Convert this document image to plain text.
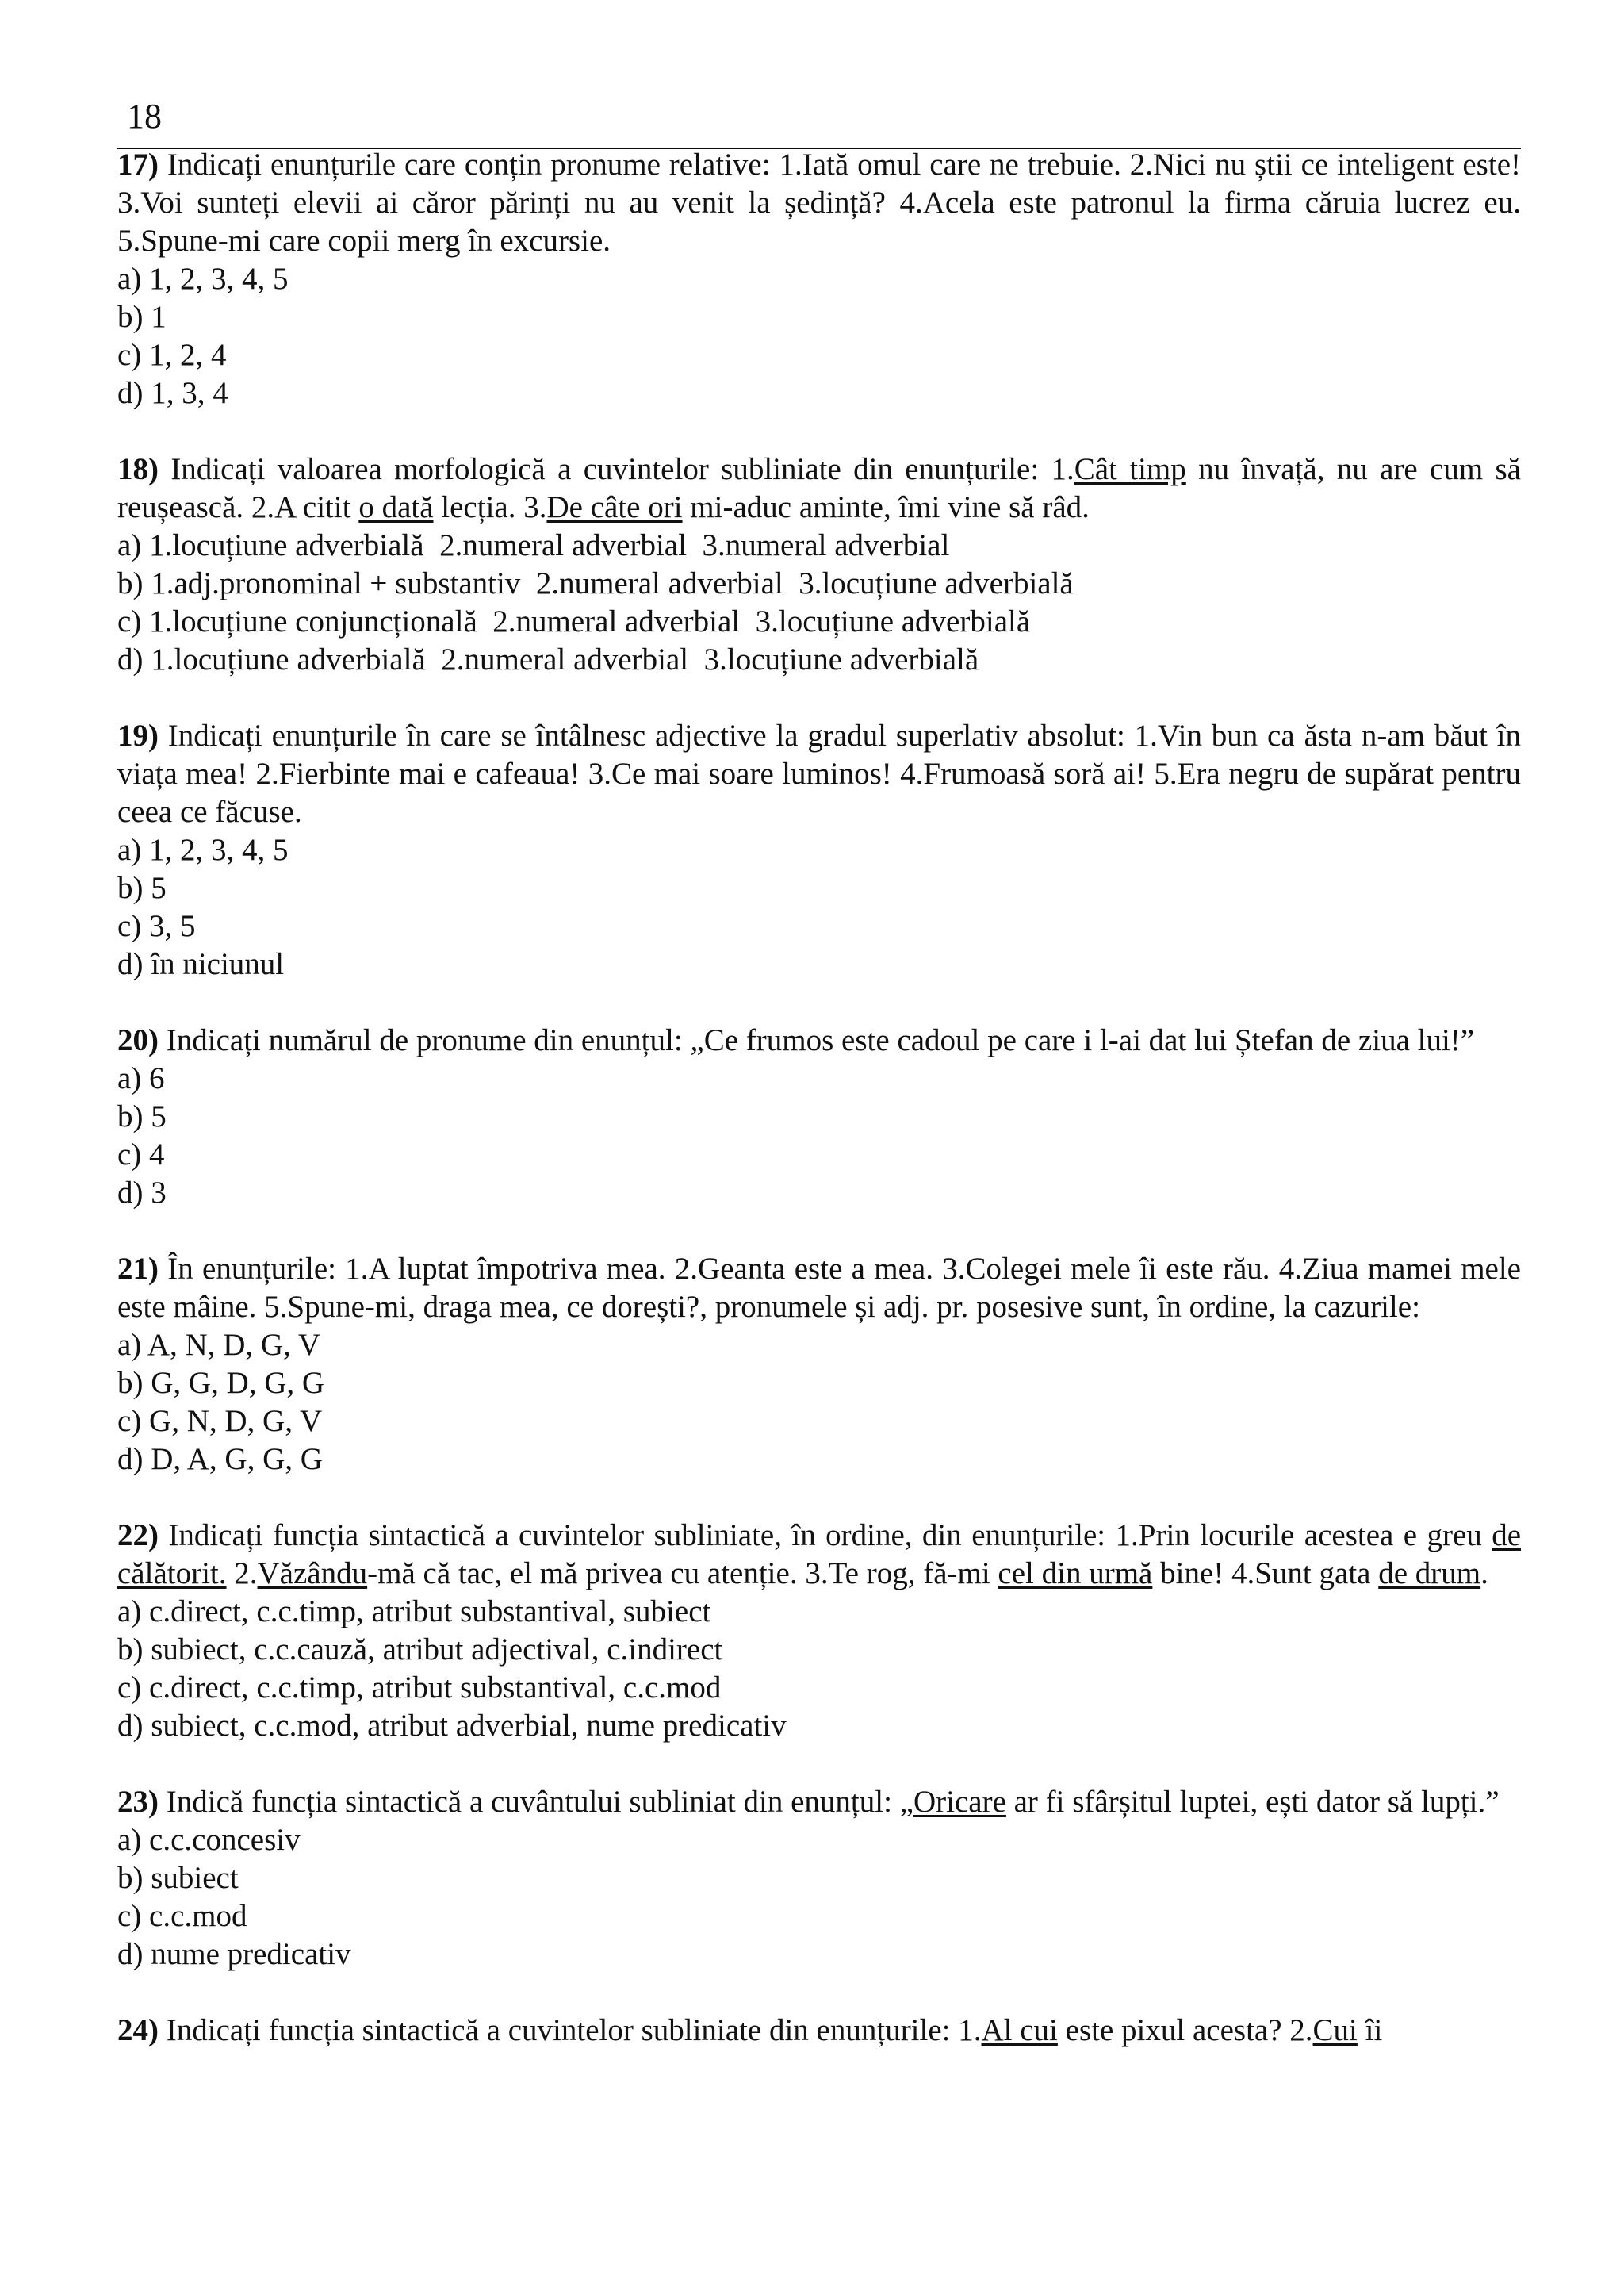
18
17) Indicați enunțurile care conțin pronume relative: 1.Iată omul care ne trebuie. 2.Nici nu știi ce inteligent este! 3.Voi sunteți elevii ai căror părinți nu au venit la ședință? 4.Acela este patronul la firma căruia lucrez eu. 5.Spune-mi care copii merg în excursie.
a) 1, 2, 3, 4, 5
b) 1
c) 1, 2, 4
d) 1, 3, 4
18) Indicați valoarea morfologică a cuvintelor subliniate din enunțurile: 1.Cât timp nu învață, nu are cum să reușească. 2.A citit o dată lecția. 3.De câte ori mi-aduc aminte, îmi vine să râd.
a) 1.locuțiune adverbială  2.numeral adverbial  3.numeral adverbial
b) 1.adj.pronominal + substantiv  2.numeral adverbial  3.locuțiune adverbială
c) 1.locuțiune conjuncțională  2.numeral adverbial  3.locuțiune adverbială
d) 1.locuțiune adverbială  2.numeral adverbial  3.locuțiune adverbială
19) Indicați enunțurile în care se întâlnesc adjective la gradul superlativ absolut: 1.Vin bun ca ăsta n-am băut în viața mea! 2.Fierbinte mai e cafeaua! 3.Ce mai soare luminos! 4.Frumoasă soră ai! 5.Era negru de supărat pentru ceea ce făcuse.
a) 1, 2, 3, 4, 5
b) 5
c) 3, 5
d) în niciunul
20) Indicați numărul de pronume din enunțul: „Ce frumos este cadoul pe care i l-ai dat lui Ștefan de ziua lui!”
a) 6
b) 5
c) 4
d) 3
21) În enunțurile: 1.A luptat împotriva mea. 2.Geanta este a mea. 3.Colegei mele îi este rău. 4.Ziua mamei mele este mâine. 5.Spune-mi, draga mea, ce dorești?, pronumele și adj. pr. posesive sunt, în ordine, la cazurile:
a) A, N, D, G, V
b) G, G, D, G, G
c) G, N, D, G, V
d) D, A, G, G, G
22) Indicați funcția sintactică a cuvintelor subliniate, în ordine, din enunțurile: 1.Prin locurile acestea e greu de călătorit. 2.Văzându-mă că tac, el mă privea cu atenție. 3.Te rog, fă-mi cel din urmă bine! 4.Sunt gata de drum.
a) c.direct, c.c.timp, atribut substantival, subiect
b) subiect, c.c.cauză, atribut adjectival, c.indirect
c) c.direct, c.c.timp, atribut substantival, c.c.mod
d) subiect, c.c.mod, atribut adverbial, nume predicativ
23) Indică funcția sintactică a cuvântului subliniat din enunțul: „Oricare ar fi sfârșitul luptei, ești dator să lupți.”
a) c.c.concesiv
b) subiect
c) c.c.mod
d) nume predicativ
24) Indicați funcția sintactică a cuvintelor subliniate din enunțurile: 1.Al cui este pixul acesta? 2.Cui îi
